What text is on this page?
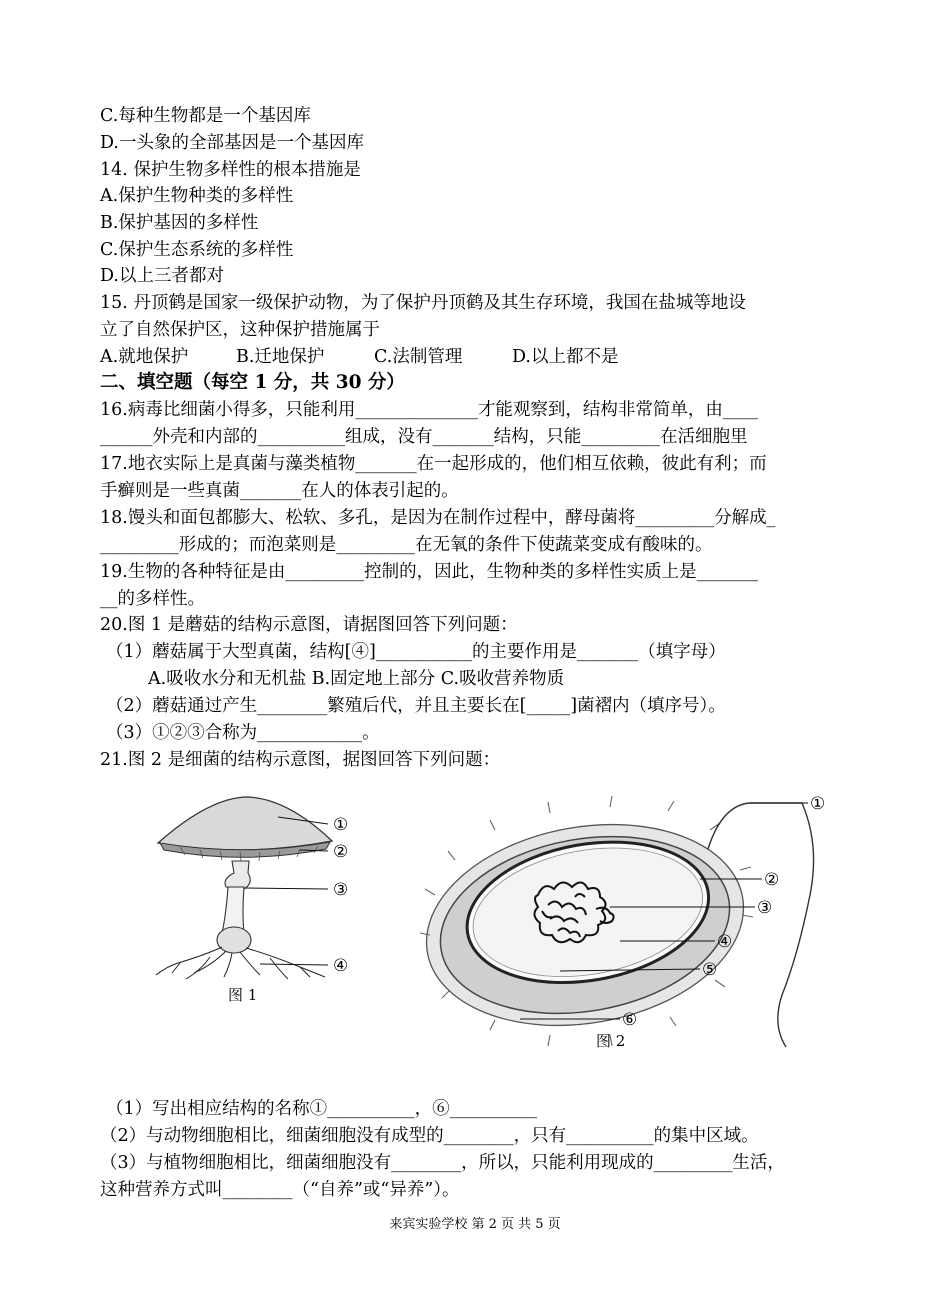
C.每种生物都是一个基因库
D.一头象的全部基因是一个基因库
14. 保护生物多样性的根本措施是
A.保护生物种类的多样性
B.保护基因的多样性
C.保护生态系统的多样性
D.以上三者都对
15. 丹顶鹤是国家一级保护动物，为了保护丹顶鹤及其生存环境，我国在盐城等地设
立了自然保护区，这种保护措施属于
A.就地保护	B.迁地保护	C.法制管理	D.以上都不是
二、填空题（每空 1 分，共 30 分）
16.病毒比细菌小得多，只能利用______________才能观察到，结构非常简单，由____
______外壳和内部的__________组成，没有_______结构，只能_________在活细胞里
17.地衣实际上是真菌与藻类植物_______在一起形成的，他们相互依赖，彼此有利；而
手癣则是一些真菌_______在人的体表引起的。
18.馒头和面包都膨大、松软、多孔，是因为在制作过程中，酵母菌将_________分解成_
_________形成的；而泡菜则是_________在无氧的条件下使蔬菜变成有酸味的。
19.生物的各种特征是由_________控制的，因此，生物种类的多样性实质上是_______
__的多样性。
20.图 1 是蘑菇的结构示意图，请据图回答下列问题：
（1）蘑菇属于大型真菌，结构[④]___________的主要作用是_______（填字母）
A.吸收水分和无机盐 B.固定地上部分 C.吸收营养物质
（2）蘑菇通过产生________繁殖后代，并且主要长在[_____]菌褶内（填序号）。
（3）①②③合称为____________。
21.图 2 是细菌的结构示意图，据图回答下列问题：
①
②
③
④
图 1
①
②
③
④
⑤
⑥
图 2
（1）写出相应结构的名称①__________，⑥__________
（2）与动物细胞相比，细菌细胞没有成型的________，只有__________的集中区域。
（3）与植物细胞相比，细菌细胞没有________，所以，只能利用现成的_________生活，
这种营养方式叫________（“自养”或“异养”）。
来宾实验学校 第 2 页 共 5 页
